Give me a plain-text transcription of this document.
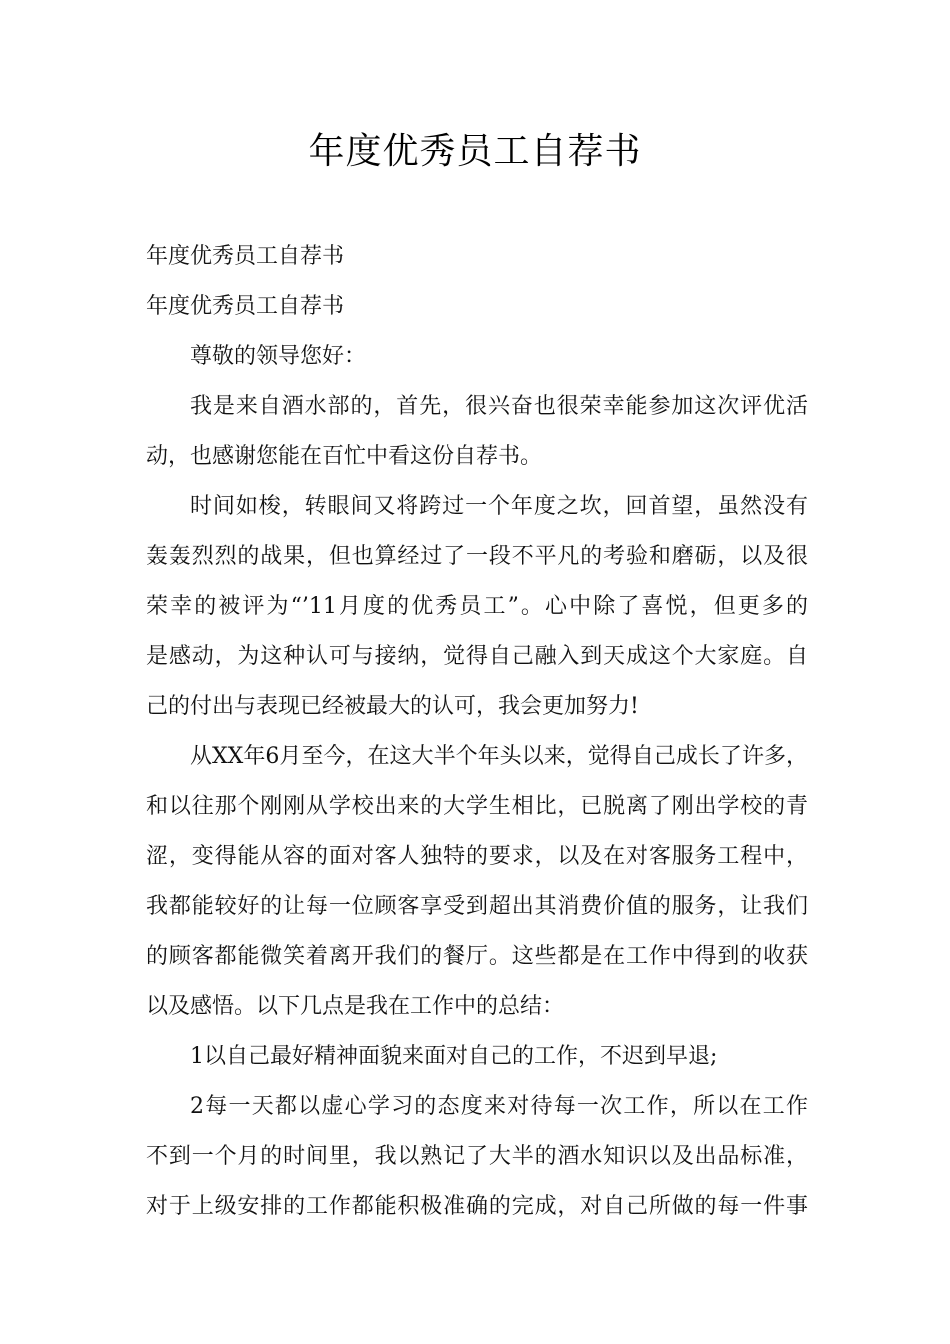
年度优秀员工自荐书
年度优秀员工自荐书
年度优秀员工自荐书
尊敬的领导您好：
我是来自酒水部的，首先，很兴奋也很荣幸能参加这次评优活
动，也感谢您能在百忙中看这份自荐书。
时间如梭，转眼间又将跨过一个年度之坎，回首望，虽然没有
轰轰烈烈的战果，但也算经过了一段不平凡的考验和磨砺，以及很
荣幸的被评为“’11月度的优秀员工”。心中除了喜悦，但更多的
是感动，为这种认可与接纳，觉得自己融入到天成这个大家庭。自
己的付出与表现已经被最大的认可，我会更加努力!
从XX年6月至今，在这大半个年头以来，觉得自己成长了许多，
和以往那个刚刚从学校出来的大学生相比，已脱离了刚出学校的青
涩，变得能从容的面对客人独特的要求，以及在对客服务工程中，
我都能较好的让每一位顾客享受到超出其消费价值的服务，让我们
的顾客都能微笑着离开我们的餐厅。这些都是在工作中得到的收获
以及感悟。以下几点是我在工作中的总结：
1以自己最好精神面貌来面对自己的工作，不迟到早退;
2每一天都以虚心学习的态度来对待每一次工作，所以在工作
不到一个月的时间里，我以熟记了大半的酒水知识以及出品标准，
对于上级安排的工作都能积极准确的完成，对自己所做的每一件事
